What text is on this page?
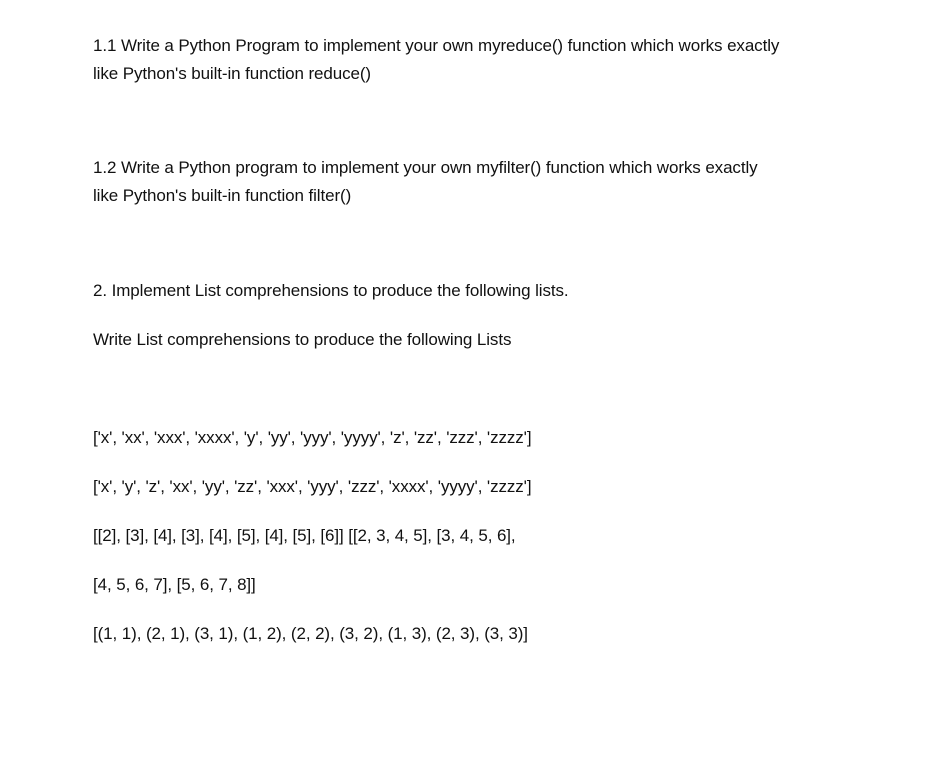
1.1 Write a Python Program to implement your own myreduce() function which works exactly
like Python's built-in function reduce()
1.2 Write a Python program to implement your own myfilter() function which works exactly
like Python's built-in function filter()
2. Implement List comprehensions to produce the following lists.
Write List comprehensions to produce the following Lists
['x', 'xx', 'xxx', 'xxxx', 'y', 'yy', 'yyy', 'yyyy', 'z', 'zz', 'zzz', 'zzzz']
['x', 'y', 'z', 'xx', 'yy', 'zz', 'xxx', 'yyy', 'zzz', 'xxxx', 'yyyy', 'zzzz']
[[2], [3], [4], [3], [4], [5], [4], [5], [6]] [[2, 3, 4, 5], [3, 4, 5, 6],
[4, 5, 6, 7], [5, 6, 7, 8]]
[(1, 1), (2, 1), (3, 1), (1, 2), (2, 2), (3, 2), (1, 3), (2, 3), (3, 3)]
